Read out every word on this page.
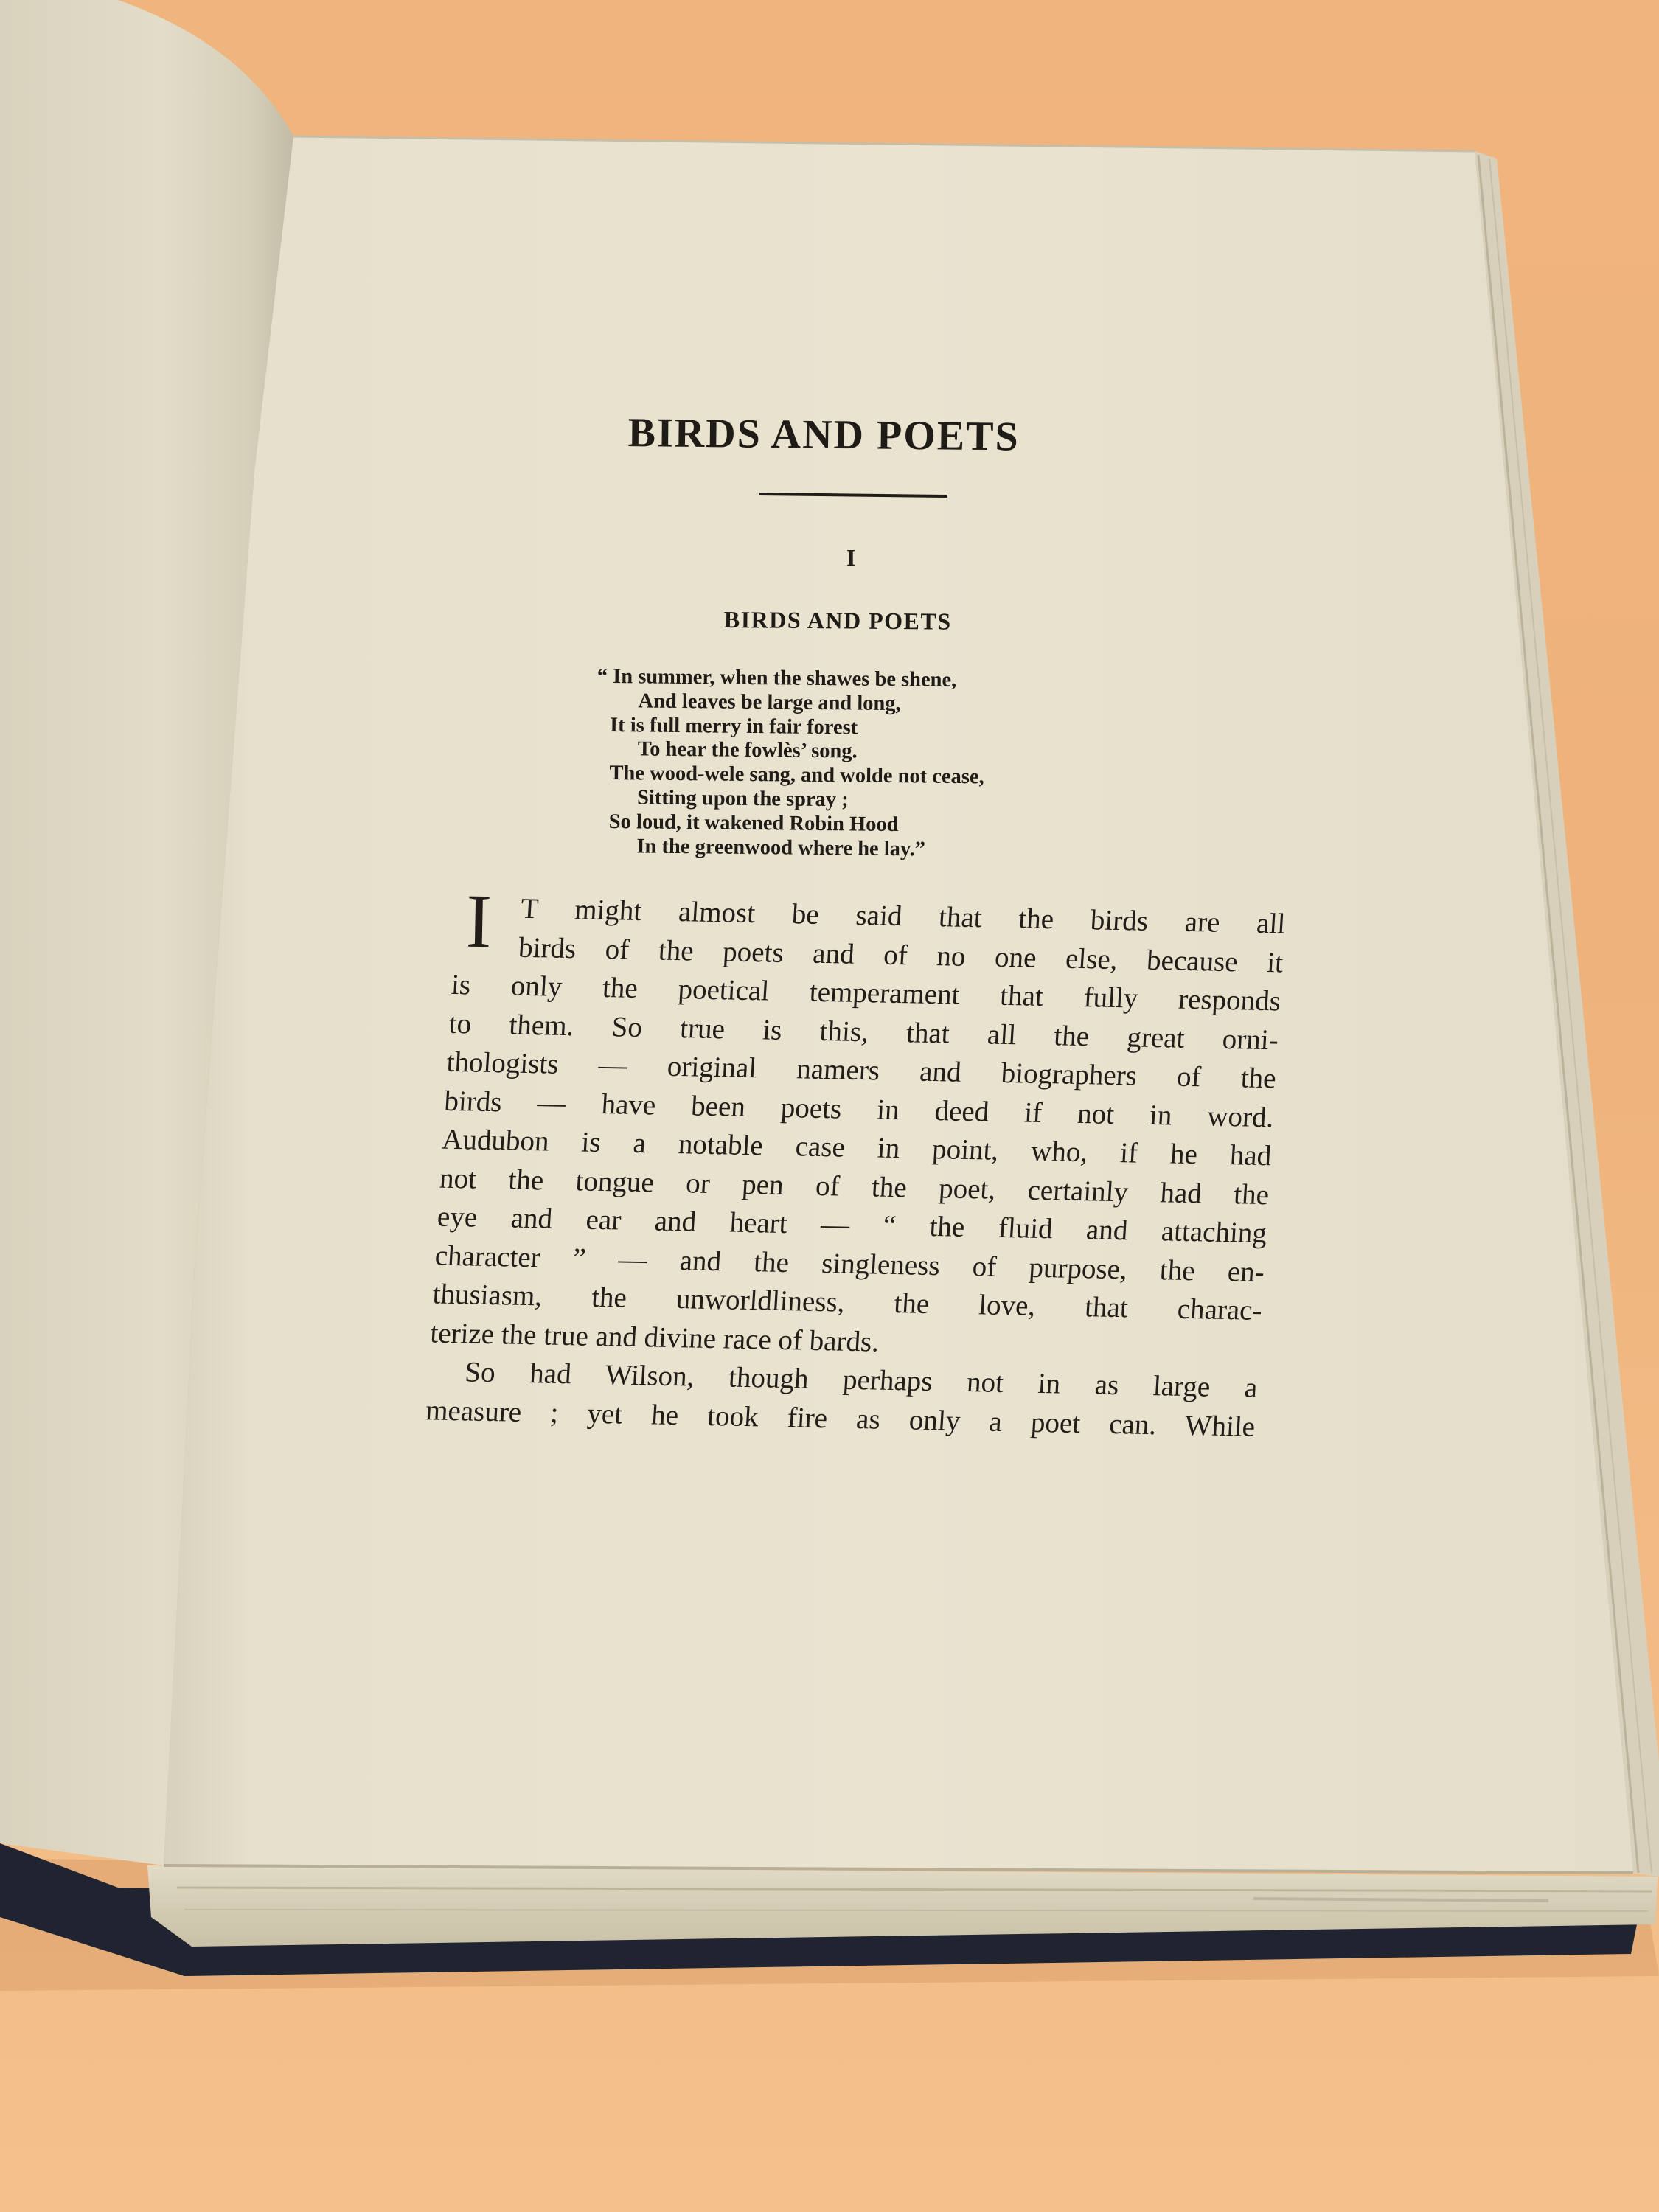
BIRDS AND POETS
I
BIRDS AND POETS
“ In summer, when the shawes be shene,
And leaves be large and long,
It is full merry in fair forest
To hear the fowlès’ song.
The wood-wele sang, and wolde not cease,
Sitting upon the spray ;
So loud, it wakened Robin Hood
In the greenwood where he lay.”
I T might almost be said that the birds are all
birds of the poets and of no one else, because it
is only the poetical temperament that fully responds
to them. So true is this, that all the great orni-
thologists — original namers and biographers of the
birds — have been poets in deed if not in word.
Audubon is a notable case in point, who, if he had
not the tongue or pen of the poet, certainly had the
eye and ear and heart — “ the fluid and attaching
character ” — and the singleness of purpose, the en-
thusiasm, the unworldliness, the love, that charac-
terize the true and divine race of bards.
So had Wilson, though perhaps not in as large a
measure ; yet he took fire as only a poet can. While
